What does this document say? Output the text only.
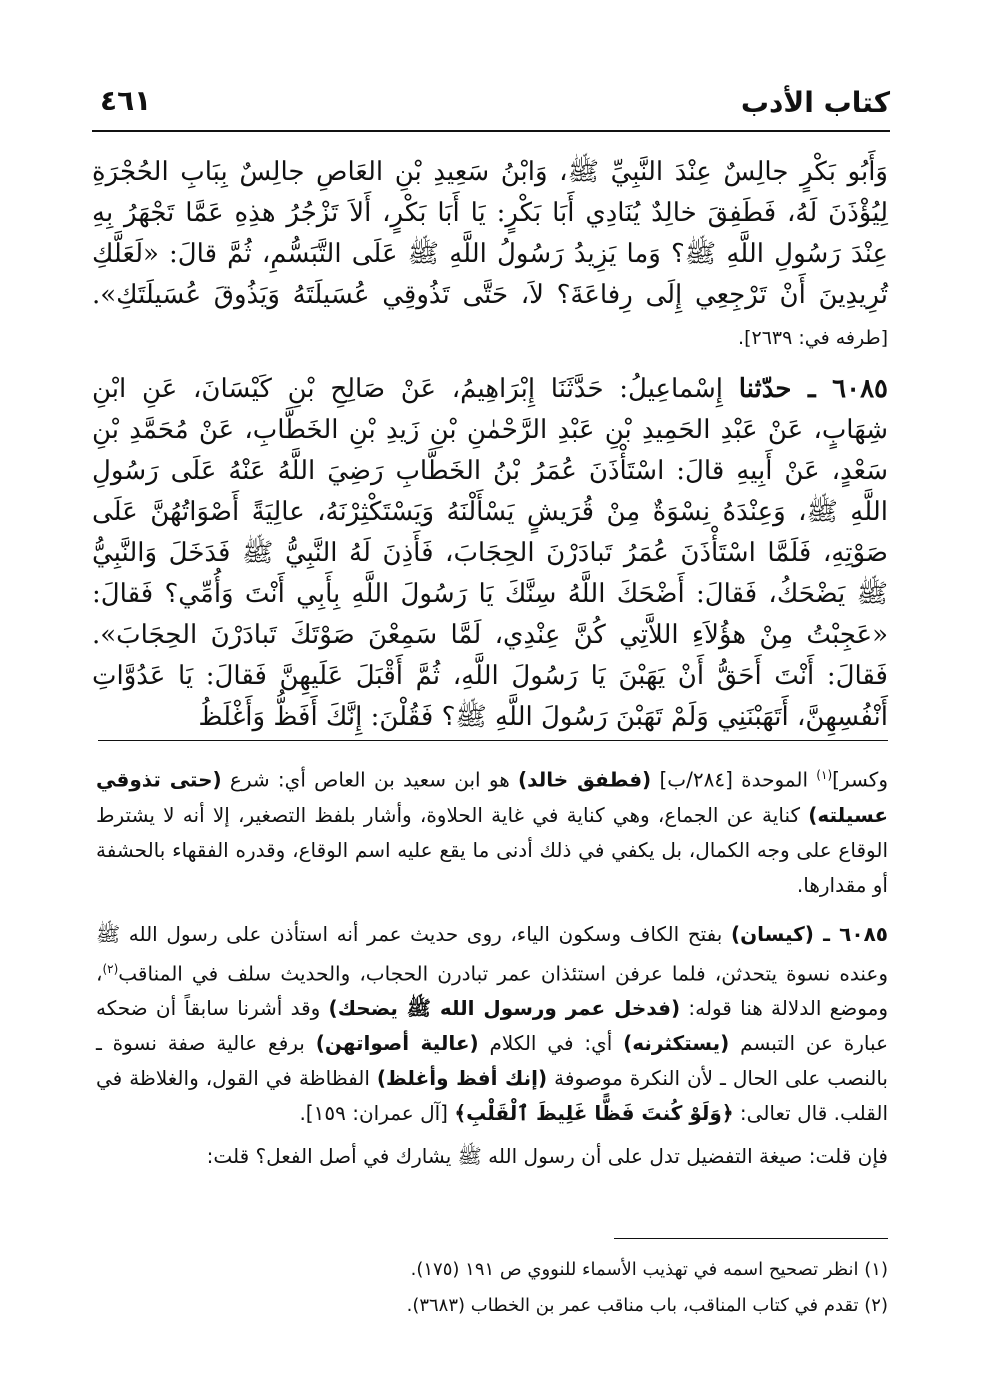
كتاب الأدب
٤٦١

وَأَبُو بَكْرٍ جالِسٌ عِنْدَ النَّبِيِّ ﷺ، وَابْنُ سَعِيدِ بْنِ العَاصِ جالِسٌ بِبَابِ الحُجْرَةِ لِيُؤْذَنَ لَهُ، فَطَفِقَ خالِدٌ يُنَادِي أَبَا بَكْرٍ: يَا أَبَا بَكْرٍ، أَلاَ تَزْجُرُ هذِهِ عَمَّا تَجْهَرُ بِهِ عِنْدَ رَسُولِ اللَّهِ ﷺ؟ وَما يَزِيدُ رَسُولُ اللَّهِ ﷺ عَلَى التَّبَسُّمِ، ثُمَّ قالَ: «لَعَلَّكِ تُرِيدِينَ أَنْ تَرْجِعِي إِلَى رِفاعَةَ؟ لاَ، حَتَّى تَذُوقِي عُسَيلَتَهُ وَيَذُوقَ عُسَيلَتَكِ». [طرفه في: ٢٦٣٩].

٦٠٨٥ ـ حدّثنا إِسْماعِيلُ: حَدَّثَنَا إِبْرَاهِيمُ، عَنْ صَالِحِ بْنِ كَيْسَانَ، عَنِ ابْنِ شِهَابٍ، عَنْ عَبْدِ الحَمِيدِ بْنِ عَبْدِ الرَّحْمٰنِ بْنِ زَيدِ بْنِ الخَطَّابِ، عَنْ مُحَمَّدِ بْنِ سَعْدٍ، عَنْ أَبِيهِ قالَ: اسْتَأْذَنَ عُمَرُ بْنُ الخَطَّابِ رَضِيَ اللَّهُ عَنْهُ عَلَى رَسُولِ اللَّهِ ﷺ، وَعِنْدَهُ نِسْوَةٌ مِنْ قُرَيشٍ يَسْأَلْنَهُ وَيَسْتَكْثِرْنَهُ، عالِيَةً أَصْوَاتُهُنَّ عَلَى صَوْتِهِ، فَلَمَّا اسْتَأْذَنَ عُمَرُ تَبادَرْنَ الحِجَابَ، فَأَذِنَ لَهُ النَّبِيُّ ﷺ فَدَخَلَ وَالنَّبِيُّ ﷺ يَضْحَكُ، فَقالَ: أَضْحَكَ اللَّهُ سِنَّكَ يَا رَسُولَ اللَّهِ بِأَبِي أَنْتَ وَأُمِّي؟ فَقالَ: «عَجِبْتُ مِنْ هؤُلاَءِ اللاَّتِي كُنَّ عِنْدِي، لَمَّا سَمِعْنَ صَوْتَكَ تَبادَرْنَ الحِجَابَ». فَقالَ: أَنْتَ أَحَقُّ أَنْ يَهَبْنَ يَا رَسُولَ اللَّهِ، ثُمَّ أَقْبَلَ عَلَيهِنَّ فَقالَ: يَا عَدُوَّاتِ أَنْفُسِهِنَّ، أَتَهَبْنَنِي وَلَمْ تَهَبْنَ رَسُولَ اللَّهِ ﷺ؟ فَقُلْنَ: إِنَّكَ أَفَظُّ وَأَغْلَظُ

وكسر]$^{(١)}$ الموحدة [٢٨٤/ب] (فطفق خالد) هو ابن سعيد بن العاص أي: شرع (حتى تذوقي عسيلته) كناية عن الجماع، وهي كناية في غاية الحلاوة، وأشار بلفظ التصغير، إلا أنه لا يشترط الوقاع على وجه الكمال، بل يكفي في ذلك أدنى ما يقع عليه اسم الوقاع، وقدره الفقهاء بالحشفة أو مقدارها.

٦٠٨٥ ـ (كيسان) بفتح الكاف وسكون الياء، روى حديث عمر أنه استأذن على رسول الله ﷺ وعنده نسوة يتحدثن، فلما عرفن استئذان عمر تبادرن الحجاب، والحديث سلف في المناقب$^{(٢)}$، وموضع الدلالة هنا قوله: (فدخل عمر ورسول الله ﷺ يضحك) وقد أشرنا سابقاً أن ضحكه عبارة عن التبسم (يستكثرنه) أي: في الكلام (عالية أصواتهن) برفع عالية صفة نسوة ـ بالنصب على الحال ـ لأن النكرة موصوفة (إنك أفظ وأغلظ) الفظاظة في القول، والغلاظة في القلب. قال تعالى: ﴿وَلَوْ كُنتَ فَظًّا غَلِيظَ ٱلْقَلْبِ﴾ [آل عمران: ١٥٩].

فإن قلت: صيغة التفضيل تدل على أن رسول الله ﷺ يشارك في أصل الفعل؟ قلت:

(١) انظر تصحيح اسمه في تهذيب الأسماء للنووي ص ١٩١ (١٧٥).

(٢) تقدم في كتاب المناقب، باب مناقب عمر بن الخطاب (٣٦٨٣).
